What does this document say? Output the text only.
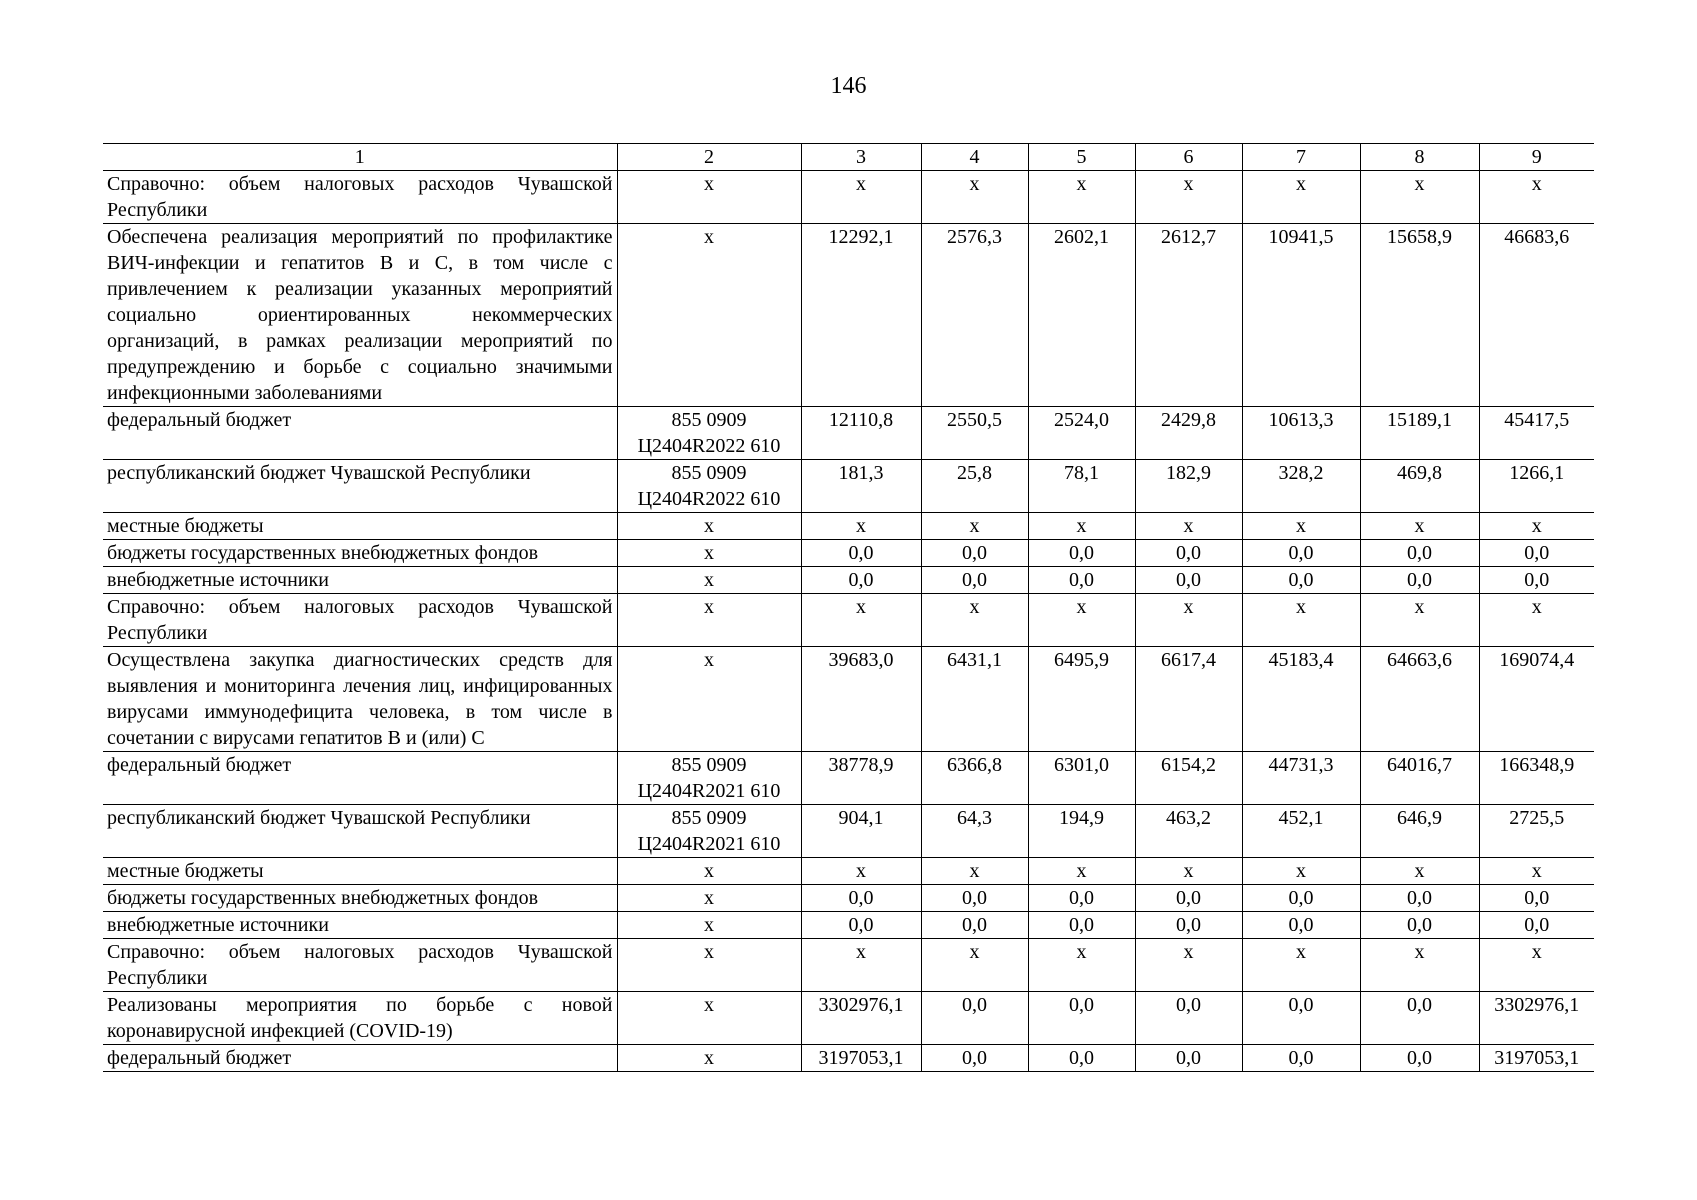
146
1	2	3	4	5	6	7	8	9
Справочно: объем налоговых расходов Чувашской Республики	х	х	х	х	х	х	х	х
Обеспечена реализация мероприятий по профилактике ВИЧ-инфекции и гепатитов В и С, в том числе с привлечением к реализации указанных мероприятий социально ориентированных некоммерческих организаций, в рамках реализации мероприятий по предупреждению и борьбе с социально значимыми инфекционными заболеваниями	х	12292,1	2576,3	2602,1	2612,7	10941,5	15658,9	46683,6
федеральный бюджет	855 0909 Ц2404R2022 610	12110,8	2550,5	2524,0	2429,8	10613,3	15189,1	45417,5
республиканский бюджет Чувашской Республики	855 0909 Ц2404R2022 610	181,3	25,8	78,1	182,9	328,2	469,8	1266,1
местные бюджеты	х	х	х	х	х	х	х	х
бюджеты государственных внебюджетных фондов	х	0,0	0,0	0,0	0,0	0,0	0,0	0,0
внебюджетные источники	х	0,0	0,0	0,0	0,0	0,0	0,0	0,0
Справочно: объем налоговых расходов Чувашской Республики	х	х	х	х	х	х	х	х
Осуществлена закупка диагностических средств для выявления и мониторинга лечения лиц, инфицированных вирусами иммунодефицита человека, в том числе в сочетании с вирусами гепатитов В и (или) С	х	39683,0	6431,1	6495,9	6617,4	45183,4	64663,6	169074,4
федеральный бюджет	855 0909 Ц2404R2021 610	38778,9	6366,8	6301,0	6154,2	44731,3	64016,7	166348,9
республиканский бюджет Чувашской Республики	855 0909 Ц2404R2021 610	904,1	64,3	194,9	463,2	452,1	646,9	2725,5
местные бюджеты	х	х	х	х	х	х	х	х
бюджеты государственных внебюджетных фондов	х	0,0	0,0	0,0	0,0	0,0	0,0	0,0
внебюджетные источники	х	0,0	0,0	0,0	0,0	0,0	0,0	0,0
Справочно: объем налоговых расходов Чувашской Республики	х	х	х	х	х	х	х	х
Реализованы мероприятия по борьбе с новой коронавирусной инфекцией (COVID-19)	х	3302976,1	0,0	0,0	0,0	0,0	0,0	3302976,1
федеральный бюджет	х	3197053,1	0,0	0,0	0,0	0,0	0,0	3197053,1
